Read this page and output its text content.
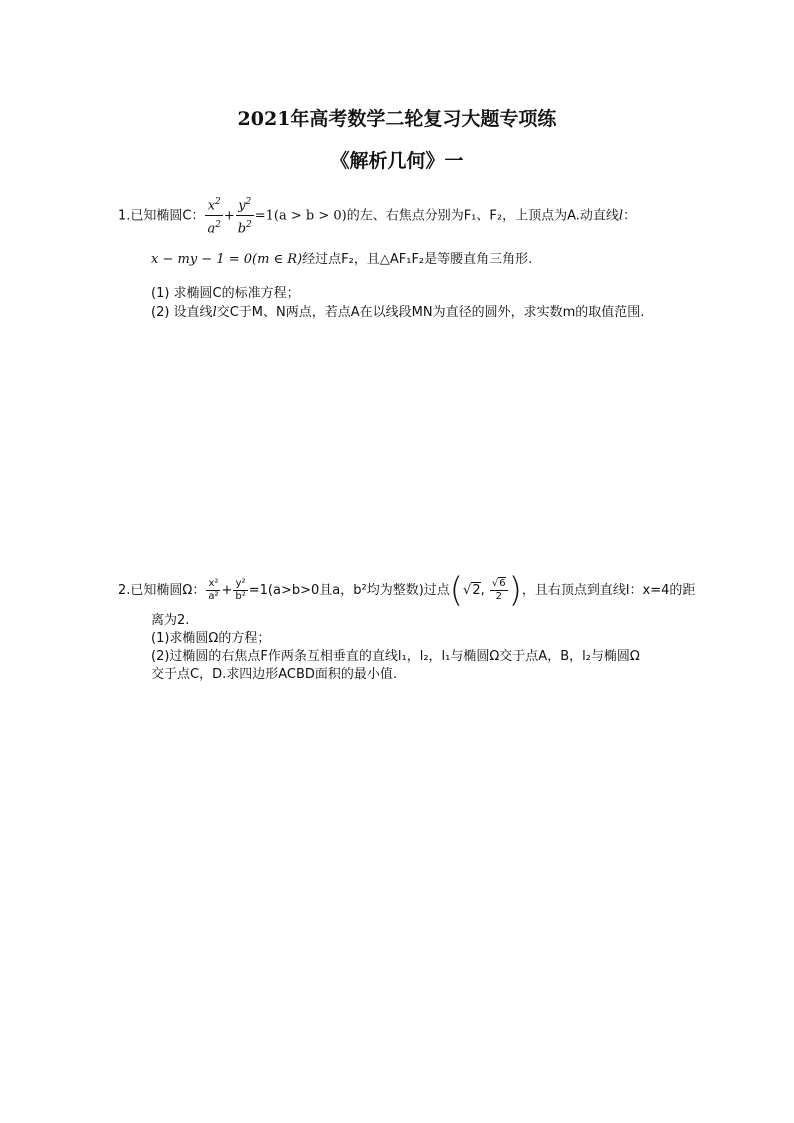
2021年高考数学二轮复习大题专项练
《解析几何》一
1.已知椭圆C： $\frac{x^2}{a^2} + \frac{y^2}{b^2} =1(a > b > 0)$的左、右焦点分别为F₁、F₂，上顶点为A.动直线l：
x − my − 1 = 0(m ∈ R)经过点F₂，且△AF₁F₂是等腰直角三角形.
(1) 求椭圆C的标准方程；
(2) 设直线l交C于M、N两点，若点A在以线段MN为直径的圆外，求实数m的取值范围.
2.已知椭圆Ω： $\frac{\text{x²}}{\text{a²}} + \frac{\text{y²}}{\text{b²}} =1(a>b>0$且a，b²均为整数)过点(√2, $\frac{√6}{2}$ )，且右顶点到直线l：x=4的距
离为2.
(1)求椭圆Ω的方程；
(2)过椭圆的右焦点F作两条互相垂直的直线l₁，l₂，l₁与椭圆Ω交于点A，B，l₂与椭圆Ω
交于点C，D.求四边形ACBD面积的最小值.
